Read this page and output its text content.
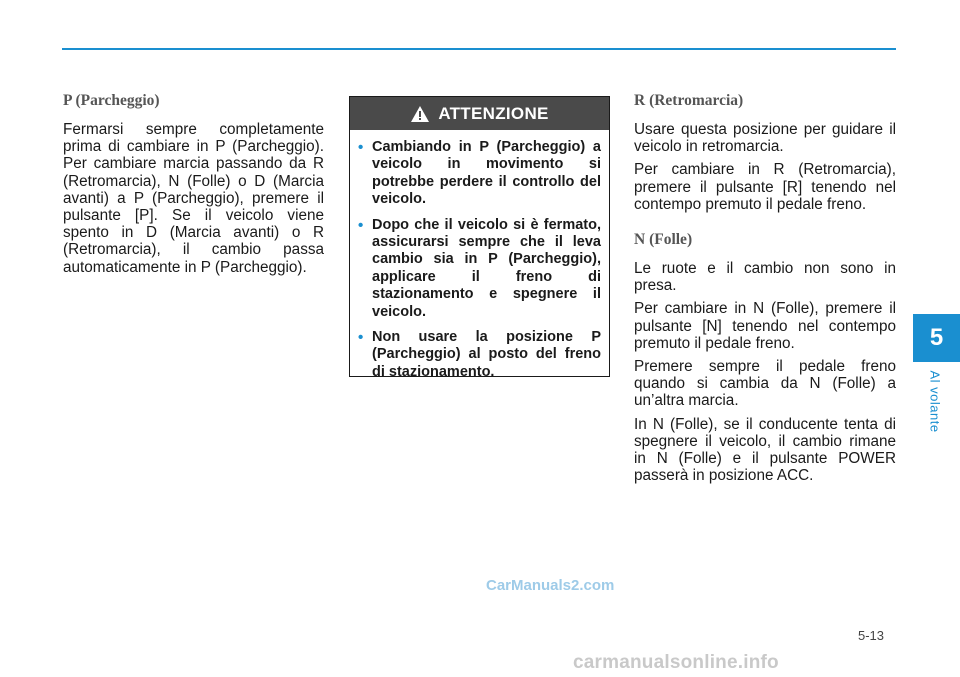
P (Parcheggio)

Fermarsi sempre completamente prima di cambiare in P (Parcheggio). Per cambiare marcia passando da R (Retromarcia), N (Folle) o D (Marcia avanti) a P (Parcheggio), premere il pulsante [P]. Se il veicolo viene spento in D (Marcia avanti) o R (Retromarcia), il cambio passa automaticamente in P (Parcheggio).

ATTENZIONE
• Cambiando in P (Parcheggio) a veicolo in movimento si potrebbe perdere il controllo del veicolo.
• Dopo che il veicolo si è fermato, assicurarsi sempre che il leva cambio sia in P (Parcheggio), applicare il freno di stazionamento e spegnere il veicolo.
• Non usare la posizione P (Parcheggio) al posto del freno di stazionamento.
R (Retromarcia)

Usare questa posizione per guidare il veicolo in retromarcia.

Per cambiare in R (Retromarcia), premere il pulsante [R] tenendo nel contempo premuto il pedale freno.

N (Folle)

Le ruote e il cambio non sono in presa.

Per cambiare in N (Folle), premere il pulsante [N] tenendo nel contempo premuto il pedale freno.

Premere sempre il pedale freno quando si cambia da N (Folle) a un’altra marcia.

In N (Folle), se il conducente tenta di spegnere il veicolo, il cambio rimane in N (Folle) e il pulsante POWER passerà in posizione ACC.

5
Al volante
5-13
CarManuals2.com
carmanualsonline.info
